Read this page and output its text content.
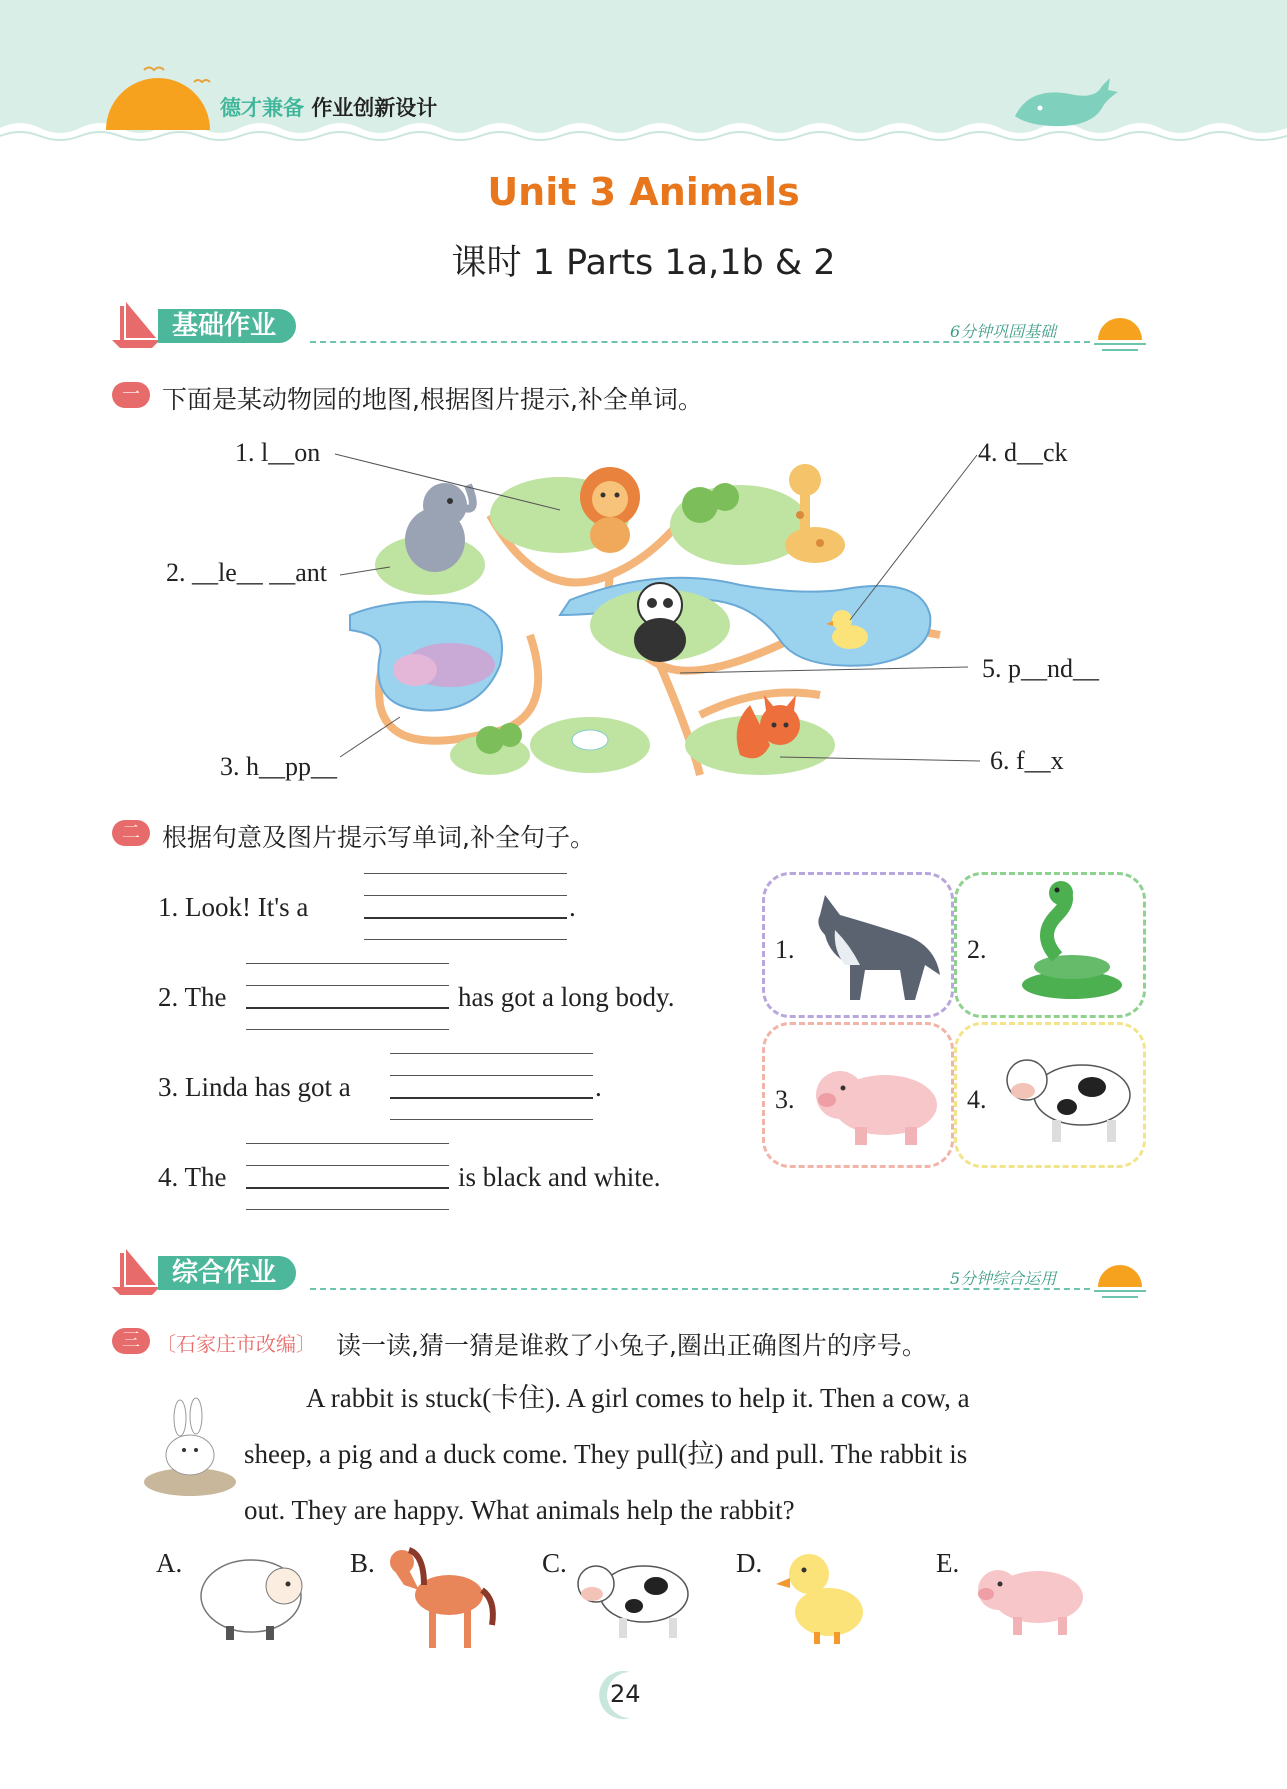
德才兼备 作业创新设计
Unit 3 Animals
课时 1 Parts 1a,1b & 2
基础作业	6分钟巩固基础
一 下面是某动物园的地图,根据图片提示,补全单词。
1. l__on
2. __le__ __ant
3. h__pp__
4. d__ck
5. p__nd__
6. f__x
二 根据句意及图片提示写单词,补全句子。
1. Look! It's a	.
2. The	has got a long body.
3. Linda has got a	.
4. The	is black and white.
1.	2.
3.	4.
综合作业	5分钟综合运用
三 〔石家庄市改编〕 读一读,猜一猜是谁救了小兔子,圈出正确图片的序号。
A rabbit is stuck(卡住). A girl comes to help it. Then a cow, a
sheep, a pig and a duck come. They pull(拉) and pull. The rabbit is
out. They are happy. What animals help the rabbit?
A.	B.	C.	D.	E.
24
